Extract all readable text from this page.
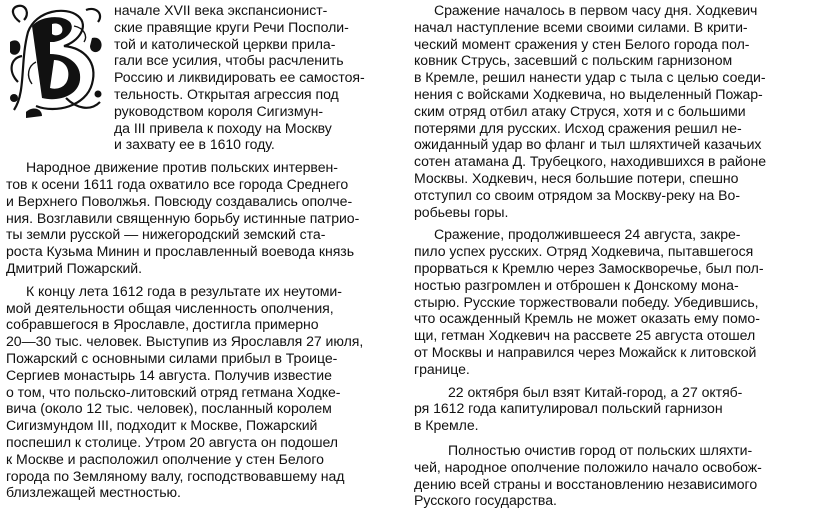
начале XVII века экспансионист-
ские правящие круги Речи Посполи-
той и католической церкви прила-
гали все усилия, чтобы расчленить
Россию и ликвидировать ее самостоя-
тельность. Открытая агрессия под
руководством короля Сигизмун-
да III привела к походу на Москву
и захвату ее в 1610 году.
Народное движение против польских интервен-
тов к осени 1611 года охватило все города Среднего
и Верхнего Поволжья. Повсюду создавались ополче-
ния. Возглавили священную борьбу истинные патрио-
ты земли русской — нижегородский земский ста-
роста Кузьма Минин и прославленный воевода князь
Дмитрий Пожарский.
К концу лета 1612 года в результате их неутоми-
мой деятельности общая численность ополчения,
собравшегося в Ярославле, достигла примерно
20—30 тыс. человек. Выступив из Ярославля 27 июля,
Пожарский с основными силами прибыл в Троице-
Сергиев монастырь 14 августа. Получив известие
о том, что польско-литовский отряд гетмана Ходке-
вича (около 12 тыс. человек), посланный королем
Сигизмундом III, подходит к Москве, Пожарский
поспешил к столице. Утром 20 августа он подошел
к Москве и расположил ополчение у стен Белого
города по Земляному валу, господствовавшему над
близлежащей местностью.
Сражение началось в первом часу дня. Ходкевич
начал наступление всеми своими силами. В крити-
ческий момент сражения у стен Белого города пол-
ковник Струсь, засевший с польским гарнизоном
в Кремле, решил нанести удар с тыла с целью соеди-
нения с войсками Ходкевича, но выделенный Пожар-
ским отряд отбил атаку Струся, хотя и с большими
потерями для русских. Исход сражения решил не-
ожиданный удар во фланг и тыл шляхтичей казачьих
сотен атамана Д. Трубецкого, находившихся в районе
Москвы. Ходкевич, неся большие потери, спешно
отступил со своим отрядом за Москву-реку на Во-
робьевы горы.
Сражение, продолжившееся 24 августа, закре-
пило успех русских. Отряд Ходкевича, пытавшегося
прорваться к Кремлю через Замоскворечье, был пол-
ностью разгромлен и отброшен к Донскому мона-
стырю. Русские торжествовали победу. Убедившись,
что осажденный Кремль не может оказать ему помо-
щи, гетман Ходкевич на рассвете 25 августа отошел
от Москвы и направился через Можайск к литовской
границе.
22 октября был взят Китай-город, а 27 октяб-
ря 1612 года капитулировал польский гарнизон
в Кремле.
Полностью очистив город от польских шляхти-
чей, народное ополчение положило начало освобож-
дению всей страны и восстановлению независимого
Русского государства.
